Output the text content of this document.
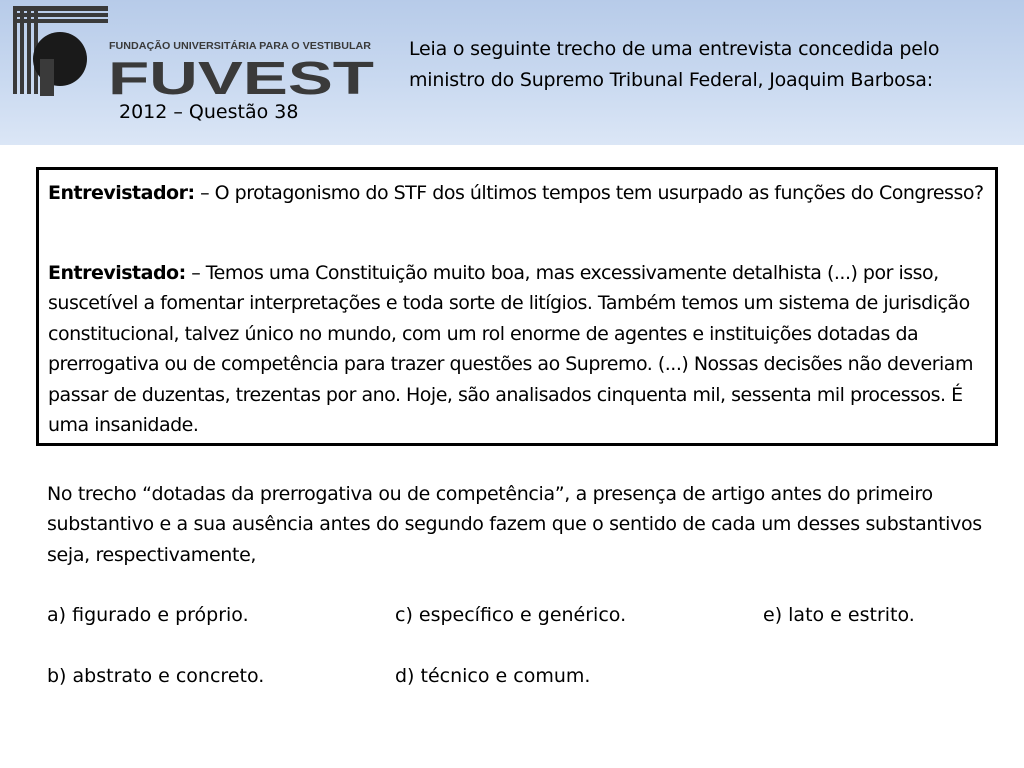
FUNDAÇÃO UNIVERSITÁRIA PARA O VESTIBULAR
FUVEST
2012 – Questão 38
Leia o seguinte trecho de uma entrevista concedida pelo ministro do Supremo Tribunal Federal, Joaquim Barbosa:

Entrevistador: – O protagonismo do STF dos últimos tempos tem usurpado as funções do Congresso?

Entrevistado: – Temos uma Constituição muito boa, mas excessivamente detalhista (...) por isso, suscetível a fomentar interpretações e toda sorte de litígios. Também temos um sistema de jurisdição constitucional, talvez único no mundo, com um rol enorme de agentes e instituições dotadas da prerrogativa ou de competência para trazer questões ao Supremo. (...) Nossas decisões não deveriam passar de duzentas, trezentas por ano. Hoje, são analisados cinquenta mil, sessenta mil processos. É uma insanidade.

No trecho “dotadas da prerrogativa ou de competência”, a presença de artigo antes do primeiro substantivo e a sua ausência antes do segundo fazem que o sentido de cada um desses substantivos seja, respectivamente,

a) figurado e próprio.	c) específico e genérico.	e) lato e estrito.
b) abstrato e concreto.	d) técnico e comum.
